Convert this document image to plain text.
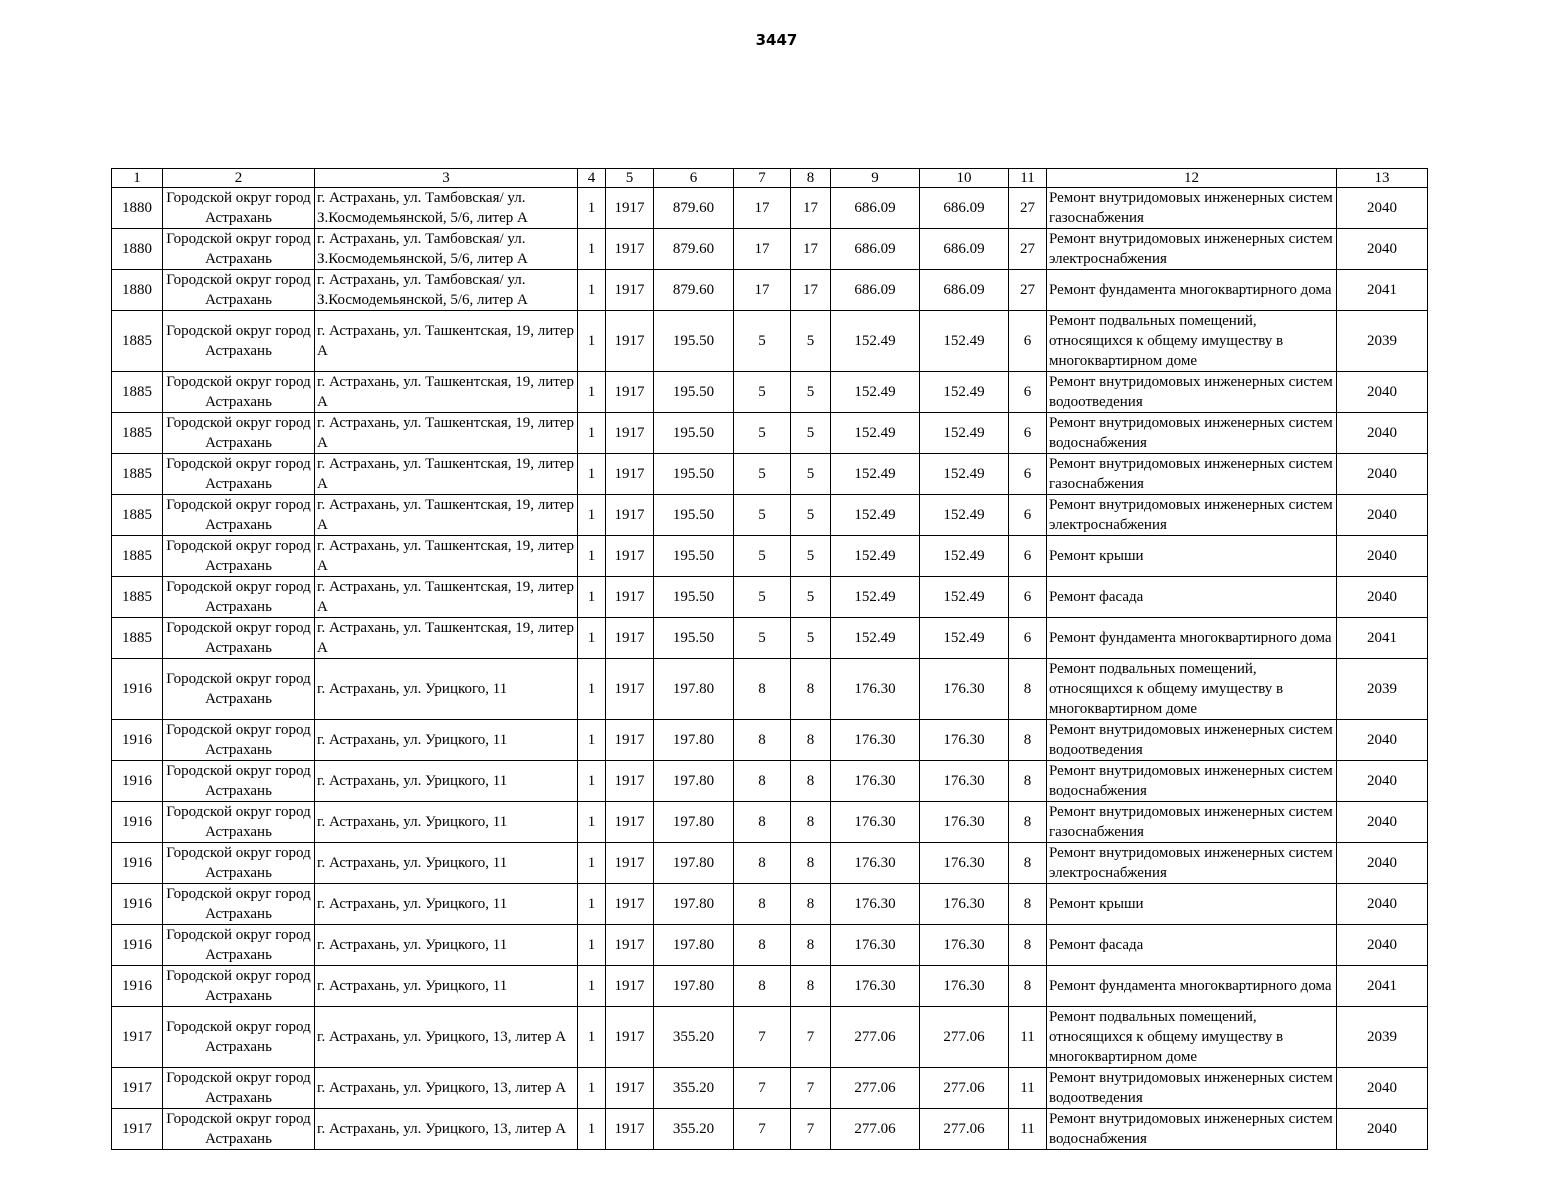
3447
1	2	3	4	5	6	7	8	9	10	11	12	13
1880	Городской округ город Астрахань	г. Астрахань, ул. Тамбовская/ ул. З.Космодемьянской, 5/6, литер А	1	1917	879.60	17	17	686.09	686.09	27	Ремонт внутридомовых инженерных систем газоснабжения	2040
1880	Городской округ город Астрахань	г. Астрахань, ул. Тамбовская/ ул. З.Космодемьянской, 5/6, литер А	1	1917	879.60	17	17	686.09	686.09	27	Ремонт внутридомовых инженерных систем электроснабжения	2040
1880	Городской округ город Астрахань	г. Астрахань, ул. Тамбовская/ ул. З.Космодемьянской, 5/6, литер А	1	1917	879.60	17	17	686.09	686.09	27	Ремонт фундамента многоквартирного дома	2041
1885	Городской округ город Астрахань	г. Астрахань, ул. Ташкентская, 19, литер А	1	1917	195.50	5	5	152.49	152.49	6	Ремонт подвальных помещений, относящихся к общему имуществу в многоквартирном доме	2039
1885	Городской округ город Астрахань	г. Астрахань, ул. Ташкентская, 19, литер А	1	1917	195.50	5	5	152.49	152.49	6	Ремонт внутридомовых инженерных систем водоотведения	2040
1885	Городской округ город Астрахань	г. Астрахань, ул. Ташкентская, 19, литер А	1	1917	195.50	5	5	152.49	152.49	6	Ремонт внутридомовых инженерных систем водоснабжения	2040
1885	Городской округ город Астрахань	г. Астрахань, ул. Ташкентская, 19, литер А	1	1917	195.50	5	5	152.49	152.49	6	Ремонт внутридомовых инженерных систем газоснабжения	2040
1885	Городской округ город Астрахань	г. Астрахань, ул. Ташкентская, 19, литер А	1	1917	195.50	5	5	152.49	152.49	6	Ремонт внутридомовых инженерных систем электроснабжения	2040
1885	Городской округ город Астрахань	г. Астрахань, ул. Ташкентская, 19, литер А	1	1917	195.50	5	5	152.49	152.49	6	Ремонт крыши	2040
1885	Городской округ город Астрахань	г. Астрахань, ул. Ташкентская, 19, литер А	1	1917	195.50	5	5	152.49	152.49	6	Ремонт фасада	2040
1885	Городской округ город Астрахань	г. Астрахань, ул. Ташкентская, 19, литер А	1	1917	195.50	5	5	152.49	152.49	6	Ремонт фундамента многоквартирного дома	2041
1916	Городской округ город Астрахань	г. Астрахань, ул. Урицкого, 11	1	1917	197.80	8	8	176.30	176.30	8	Ремонт подвальных помещений, относящихся к общему имуществу в многоквартирном доме	2039
1916	Городской округ город Астрахань	г. Астрахань, ул. Урицкого, 11	1	1917	197.80	8	8	176.30	176.30	8	Ремонт внутридомовых инженерных систем водоотведения	2040
1916	Городской округ город Астрахань	г. Астрахань, ул. Урицкого, 11	1	1917	197.80	8	8	176.30	176.30	8	Ремонт внутридомовых инженерных систем водоснабжения	2040
1916	Городской округ город Астрахань	г. Астрахань, ул. Урицкого, 11	1	1917	197.80	8	8	176.30	176.30	8	Ремонт внутридомовых инженерных систем газоснабжения	2040
1916	Городской округ город Астрахань	г. Астрахань, ул. Урицкого, 11	1	1917	197.80	8	8	176.30	176.30	8	Ремонт внутридомовых инженерных систем электроснабжения	2040
1916	Городской округ город Астрахань	г. Астрахань, ул. Урицкого, 11	1	1917	197.80	8	8	176.30	176.30	8	Ремонт крыши	2040
1916	Городской округ город Астрахань	г. Астрахань, ул. Урицкого, 11	1	1917	197.80	8	8	176.30	176.30	8	Ремонт фасада	2040
1916	Городской округ город Астрахань	г. Астрахань, ул. Урицкого, 11	1	1917	197.80	8	8	176.30	176.30	8	Ремонт фундамента многоквартирного дома	2041
1917	Городской округ город Астрахань	г. Астрахань, ул. Урицкого, 13, литер А	1	1917	355.20	7	7	277.06	277.06	11	Ремонт подвальных помещений, относящихся к общему имуществу в многоквартирном доме	2039
1917	Городской округ город Астрахань	г. Астрахань, ул. Урицкого, 13, литер А	1	1917	355.20	7	7	277.06	277.06	11	Ремонт внутридомовых инженерных систем водоотведения	2040
1917	Городской округ город Астрахань	г. Астрахань, ул. Урицкого, 13, литер А	1	1917	355.20	7	7	277.06	277.06	11	Ремонт внутридомовых инженерных систем водоснабжения	2040
